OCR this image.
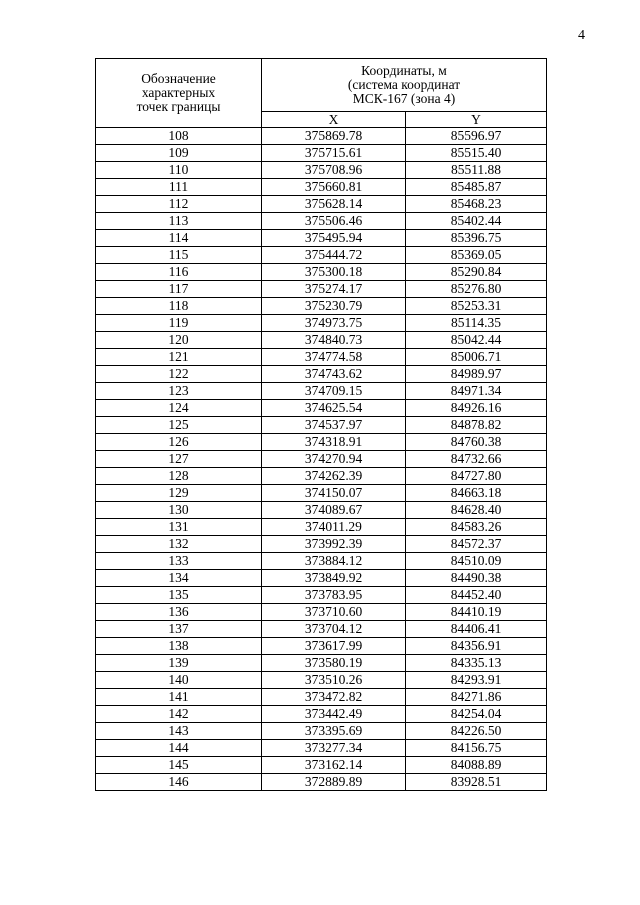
4
Обозначение
характерных
точек границы	Координаты, м
(система координат
МСК-167 (зона 4)	
	X	Y
108	375869.78	85596.97
109	375715.61	85515.40
110	375708.96	85511.88
111	375660.81	85485.87
112	375628.14	85468.23
113	375506.46	85402.44
114	375495.94	85396.75
115	375444.72	85369.05
116	375300.18	85290.84
117	375274.17	85276.80
118	375230.79	85253.31
119	374973.75	85114.35
120	374840.73	85042.44
121	374774.58	85006.71
122	374743.62	84989.97
123	374709.15	84971.34
124	374625.54	84926.16
125	374537.97	84878.82
126	374318.91	84760.38
127	374270.94	84732.66
128	374262.39	84727.80
129	374150.07	84663.18
130	374089.67	84628.40
131	374011.29	84583.26
132	373992.39	84572.37
133	373884.12	84510.09
134	373849.92	84490.38
135	373783.95	84452.40
136	373710.60	84410.19
137	373704.12	84406.41
138	373617.99	84356.91
139	373580.19	84335.13
140	373510.26	84293.91
141	373472.82	84271.86
142	373442.49	84254.04
143	373395.69	84226.50
144	373277.34	84156.75
145	373162.14	84088.89
146	372889.89	83928.51
